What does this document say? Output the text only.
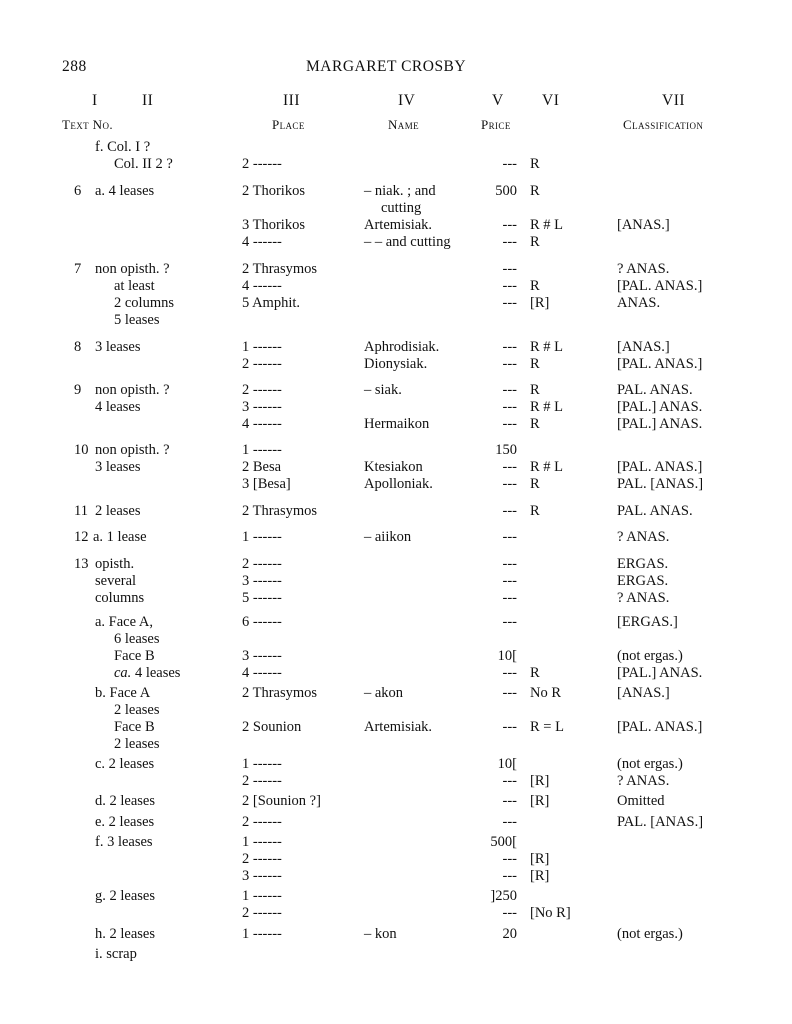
288	MARGARET CROSBY
I	II	III	IV	V VI	VII
Text No.	Place	Name	Price	Classification
f. Col. I ?
Col. II 2 ?	2 ------	--- R
6 a. 4 leases	2 Thorikos	– niak. ; and	500 R
cutting
3 Thorikos	Artemisiak.	--- R # L	[ANAS.]
4 ------	– – and cutting	--- R
7 non opisth. ?	2 Thrasymos	---	? ANAS.
at least	4 ------	--- R	[PAL. ANAS.]
2 columns	5 Amphit.	--- [R]	ANAS.
5 leases
8 3 leases	1 ------	Aphrodisiak.	--- R # L	[ANAS.]
2 ------	Dionysiak.	--- R	[PAL. ANAS.]
9 non opisth. ?	2 ------	– siak.	--- R	PAL. ANAS.
4 leases	3 ------	--- R # L	[PAL.] ANAS.
4 ------	Hermaikon	--- R	[PAL.] ANAS.
10 non opisth. ?	1 ------	150
3 leases	2 Besa	Ktesiakon	--- R # L	[PAL. ANAS.]
3 [Besa]	Apolloniak.	--- R	PAL. [ANAS.]
11 2 leases	2 Thrasymos	--- R	PAL. ANAS.
12 a. 1 lease	1 ------	– aiikon	---	? ANAS.
13 opisth.	2 ------	---	ERGAS.
several	3 ------	---	ERGAS.
columns	5 ------	---	? ANAS.
a. Face A,	6 ------	---	[ERGAS.]
6 leases
Face B	3 ------	10[	(not ergas.)
ca. 4 leases	4 ------	--- R	[PAL.] ANAS.
b. Face A	2 Thrasymos	– akon	--- No R	[ANAS.]
2 leases
Face B	2 Sounion	Artemisiak.	--- R = L	[PAL. ANAS.]
2 leases
c. 2 leases	1 ------	10[	(not ergas.)
2 ------	--- [R]	? ANAS.
d. 2 leases	2 [Sounion ?]	--- [R]	Omitted
e. 2 leases	2 ------	---	PAL. [ANAS.]
f. 3 leases	1 ------	500[
2 ------	--- [R]
3 ------	--- [R]
g. 2 leases	1 ------	]250
2 ------	--- [No R]
h. 2 leases	1 ------	– kon	20	(not ergas.)
i. scrap
